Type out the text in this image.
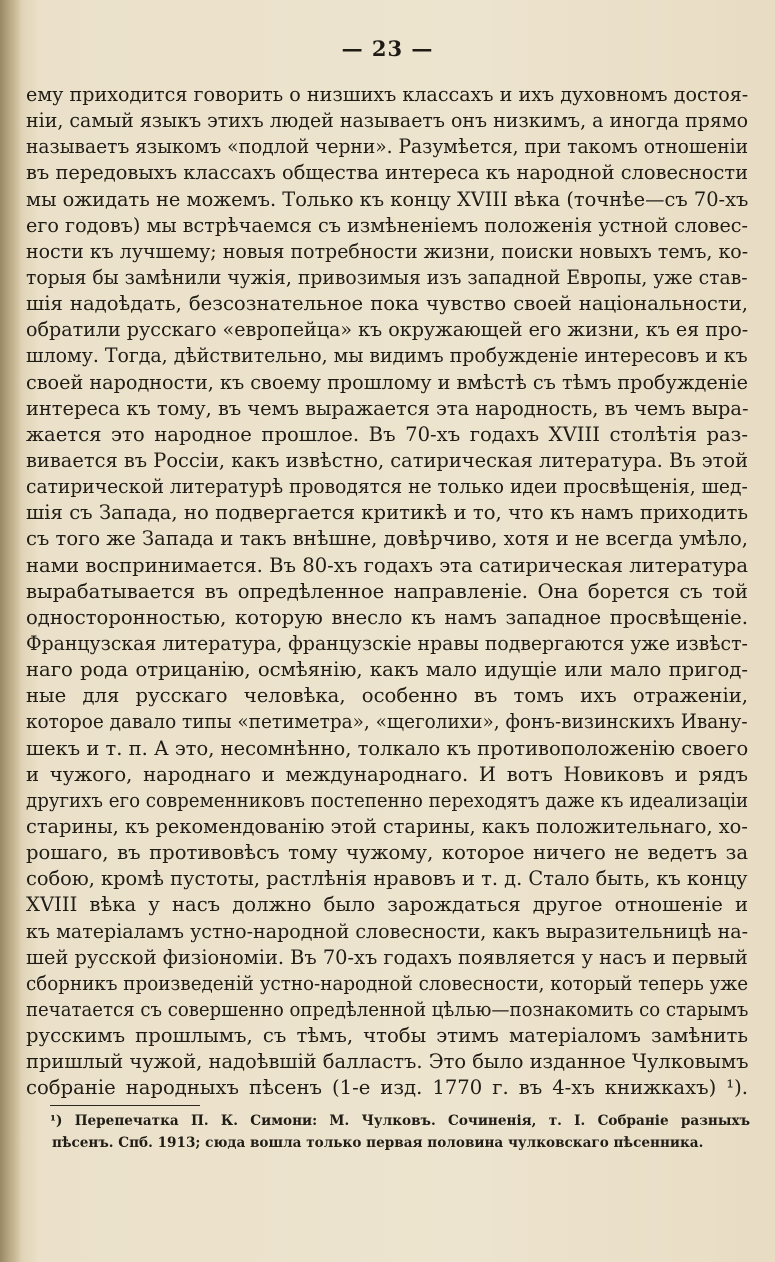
— 23 —
ему приходится говорить о низшихъ классахъ и ихъ духовномъ достоя-
ніи, самый языкъ этихъ людей называетъ онъ низкимъ, а иногда прямо
называетъ языкомъ «подлой черни». Разумѣется, при такомъ отношеніи
въ передовыхъ классахъ общества интереса къ народной словесности
мы ожидать не можемъ. Только къ концу XVIII вѣка (точнѣе—съ 70-хъ
его годовъ) мы встрѣчаемся съ измѣненіемъ положенія устной словес-
ности къ лучшему; новыя потребности жизни, поиски новыхъ темъ, ко-
торыя бы замѣнили чужія, привозимыя изъ западной Европы, уже став-
шія надоѣдать, безсознательное пока чувство своей національности,
обратили русскаго «европейца» къ окружающей его жизни, къ ея про-
шлому. Тогда, дѣйствительно, мы видимъ пробужденіе интересовъ и къ
своей народности, къ своему прошлому и вмѣстѣ съ тѣмъ пробужденіе
интереса къ тому, въ чемъ выражается эта народность, въ чемъ выра-
жается это народное прошлое. Въ 70-хъ годахъ XVIII столѣтія раз-
вивается въ Россіи, какъ извѣстно, сатирическая литература. Въ этой
сатирической литературѣ проводятся не только идеи просвѣщенія, шед-
шія съ Запада, но подвергается критикѣ и то, что къ намъ приходить
съ того же Запада и такъ внѣшне, довѣрчиво, хотя и не всегда умѣло,
нами воспринимается. Въ 80-хъ годахъ эта сатирическая литература
вырабатывается въ опредѣленное направленіе. Она борется съ той
односторонностью, которую внесло къ намъ западное просвѣщеніе.
Французская литература, французскіе нравы подвергаются уже извѣст-
наго рода отрицанію, осмѣянію, какъ мало идущіе или мало пригод-
ные для русскаго человѣка, особенно въ томъ ихъ отраженіи,
которое давало типы «петиметра», «щеголихи», фонъ-визинскихъ Ивану-
шекъ и т. п. А это, несомнѣнно, толкало къ противоположенію своего
и чужого, народнаго и международнаго. И вотъ Новиковъ и рядъ
другихъ его современниковъ постепенно переходятъ даже къ идеализаціи
старины, къ рекомендованію этой старины, какъ положительнаго, хо-
рошаго, въ противовѣсъ тому чужому, которое ничего не ведетъ за
собою, кромѣ пустоты, растлѣнія нравовъ и т. д. Стало быть, къ концу
XVIII вѣка у насъ должно было зарождаться другое отношеніе и
къ матеріаламъ устно-народной словесности, какъ выразительницѣ на-
шей русской физіономіи. Въ 70-хъ годахъ появляется у насъ и первый
сборникъ произведеній устно-народной словесности, который теперь уже
печатается съ совершенно опредѣленной цѣлью—познакомить со старымъ
русскимъ прошлымъ, съ тѣмъ, чтобы этимъ матеріаломъ замѣнить
пришлый чужой, надоѣвшій балластъ. Это было изданное Чулковымъ
собраніе народныхъ пѣсенъ (1-е изд. 1770 г. въ 4-хъ книжкахъ) ¹).
¹) Перепечатка П. К. Симони: М. Чулковъ. Сочиненія, т. I. Собраніе разныхъ
пѣсенъ. Спб. 1913; сюда вошла только первая половина чулковскаго пѣсенника.
